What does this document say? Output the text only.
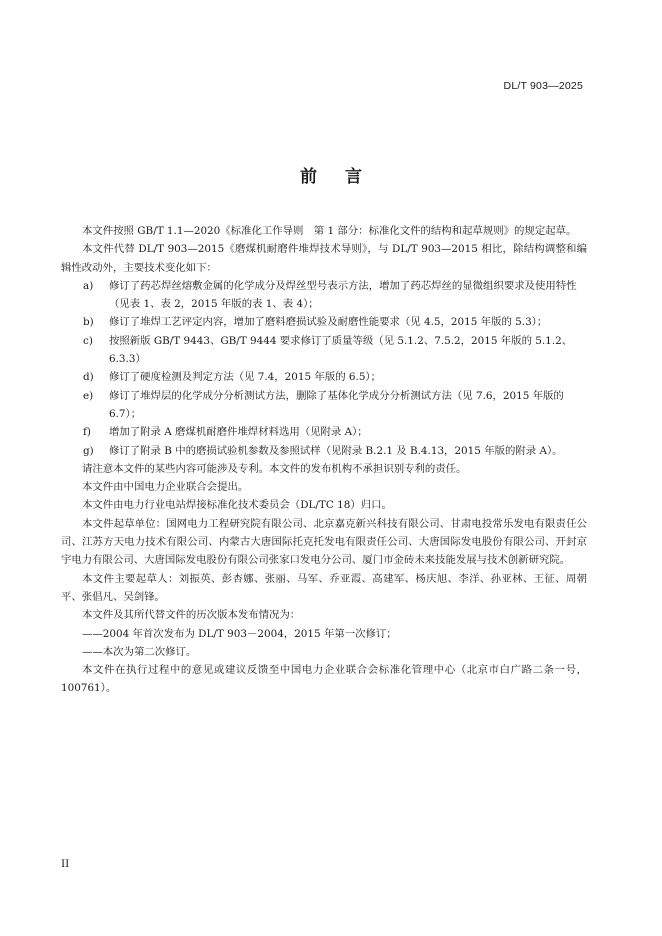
DL/T 903—2025
前 言

本文件按照 GB/T 1.1—2020《标准化工作导则　第 1 部分：标准化文件的结构和起草规则》的规定起草。

本文件代替 DL/T 903—2015《磨煤机耐磨件堆焊技术导则》，与 DL/T 903—2015 相比，除结构调整和编辑性改动外，主要技术变化如下：

a)	修订了药芯焊丝熔敷金属的化学成分及焊丝型号表示方法，增加了药芯焊丝的显微组织要求及使用特性（见表 1、表 2，2015 年版的表 1、表 4）；
b)	修订了堆焊工艺评定内容，增加了磨料磨损试验及耐磨性能要求（见 4.5，2015 年版的 5.3）；
c)	按照新版 GB/T 9443、GB/T 9444 要求修订了质量等级（见 5.1.2、7.5.2，2015 年版的 5.1.2、6.3.3）
d)	修订了硬度检测及判定方法（见 7.4，2015 年版的 6.5）；
e)	修订了堆焊层的化学成分分析测试方法，删除了基体化学成分分析测试方法（见 7.6，2015 年版的 6.7）；
f)	增加了附录 A 磨煤机耐磨件堆焊材料选用（见附录 A）；
g)	修订了附录 B 中的磨损试验机参数及参照试样（见附录 B.2.1 及 B.4.13，2015 年版的附录 A）。

请注意本文件的某些内容可能涉及专利。本文件的发布机构不承担识别专利的责任。

本文件由中国电力企业联合会提出。

本文件由电力行业电站焊接标准化技术委员会（DL/TC 18）归口。

本文件起草单位：国网电力工程研究院有限公司、北京嘉克新兴科技有限公司、甘肃电投常乐发电有限责任公司、江苏方天电力技术有限公司、内蒙古大唐国际托克托发电有限责任公司、大唐国际发电股份有限公司、开封京宇电力有限公司、大唐国际发电股份有限公司张家口发电分公司、厦门市金砖未来技能发展与技术创新研究院。

本文件主要起草人：刘振英、彭杏娜、张丽、马军、乔亚霞、高建军、杨庆旭、李洋、孙亚林、王征、周朝平、张倡凡、吴剑锋。

本文件及其所代替文件的历次版本发布情况为：

——2004 年首次发布为 DL/T 903－2004，2015 年第一次修订；

——本次为第二次修订。

本文件在执行过程中的意见或建议反馈至中国电力企业联合会标准化管理中心（北京市白广路二条一号，100761）。

II
